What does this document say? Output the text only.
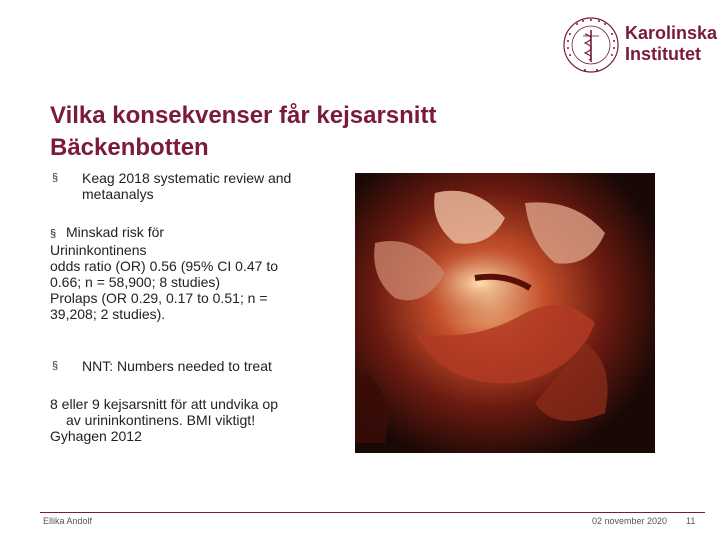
Karolinska
Institutet
Vilka konsekvenser får kejsarsnitt
Bäckenbotten
§ Keag 2018 systematic review and
metaanalys
§ Minskad risk för

Urininkontinens

odds ratio (OR) 0.56 (95% CI 0.47 to

0.66; n = 58,900; 8 studies)

Prolaps (OR 0.29, 0.17 to 0.51; n =

39,208; 2 studies).

§ NNT: Numbers needed to treat

8 eller 9 kejsarsnitt för att undvika op

av urininkontinens. BMI viktigt!

Gyhagen 2012

Ellika Andolf	02 november 2020 11
